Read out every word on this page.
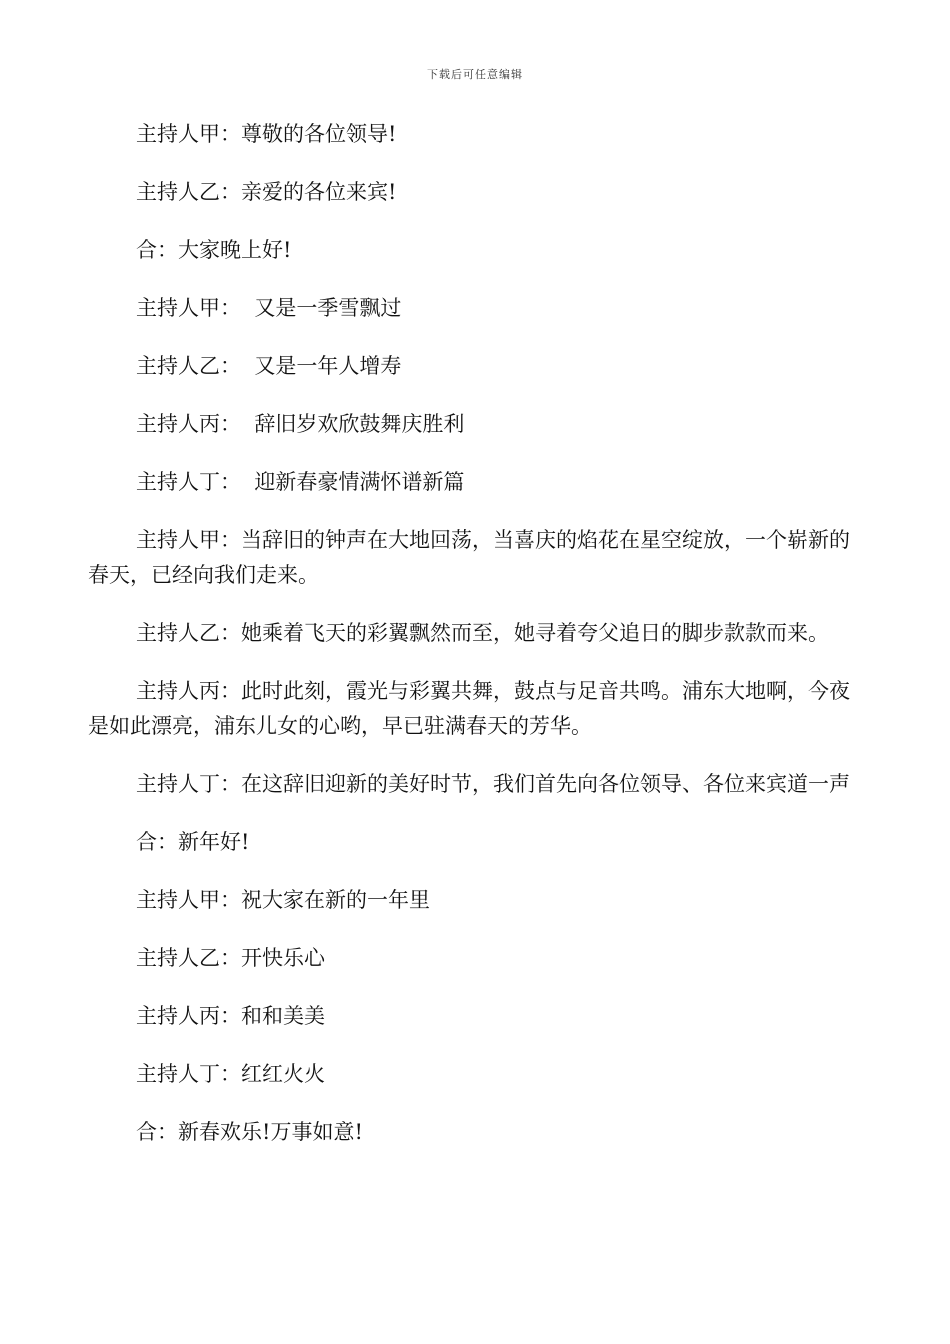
下载后可任意编辑

主持人甲：尊敬的各位领导!

主持人乙：亲爱的各位来宾!

合：大家晚上好!

主持人甲：  又是一季雪飘过

主持人乙：  又是一年人增寿

主持人丙：  辞旧岁欢欣鼓舞庆胜利

主持人丁：  迎新春豪情满怀谱新篇

主持人甲：当辞旧的钟声在大地回荡，当喜庆的焰花在星空绽放，一个崭新的春天，已经向我们走来。

主持人乙：她乘着飞天的彩翼飘然而至，她寻着夸父追日的脚步款款而来。

主持人丙：此时此刻，霞光与彩翼共舞，鼓点与足音共鸣。浦东大地啊，今夜是如此漂亮，浦东儿女的心哟，早已驻满春天的芳华。

主持人丁：在这辞旧迎新的美好时节，我们首先向各位领导、各位来宾道一声

合：新年好!

主持人甲：祝大家在新的一年里

主持人乙：开快乐心

主持人丙：和和美美

主持人丁：红红火火

合：新春欢乐!万事如意!
